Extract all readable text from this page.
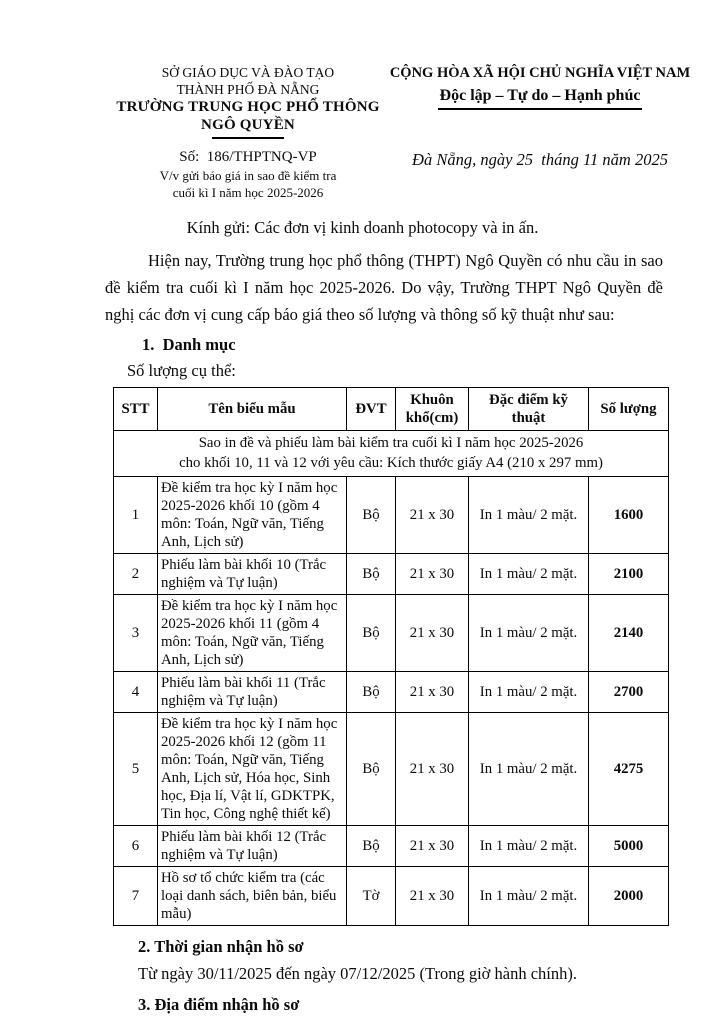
SỞ GIÁO DỤC VÀ ĐÀO TẠO
THÀNH PHỐ ĐÀ NẴNG
TRƯỜNG TRUNG HỌC PHỔ THÔNG
NGÔ QUYỀN
Số:  186/THPTNQ-VP
V/v gửi báo giá in sao đề kiểm tra
cuối kì I năm học 2025-2026
CỘNG HÒA XÃ HỘI CHỦ NGHĨA VIỆT NAM
Độc lập – Tự do – Hạnh phúc
Đà Nẵng, ngày 25  tháng 11 năm 2025
Kính gửi: Các đơn vị kinh doanh photocopy và in ấn.

Hiện nay, Trường trung học phổ thông (THPT) Ngô Quyền có nhu cầu in sao đề kiểm tra cuối kì I năm học 2025-2026. Do vậy, Trường THPT Ngô Quyền đề nghị các đơn vị cung cấp báo giá theo số lượng và thông số kỹ thuật như sau:

1.  Danh mục
Số lượng cụ thể:
STT	Tên biểu mẫu	ĐVT	Khuôn khổ(cm)	Đặc điểm kỹ thuật	Số lượng

Sao in đề và phiếu làm bài kiểm tra cuối kì I năm học 2025-2026
cho khối 10, 11 và 12 với yêu cầu: Kích thước giấy A4 (210 x 297 mm)					

1	Đề kiểm tra học kỳ I năm học 2025-2026 khối 10 (gồm 4 môn: Toán, Ngữ văn, Tiếng Anh, Lịch sử)	Bộ	21 x 30	In 1 màu/ 2 mặt.	1600
2	Phiếu làm bài khối 10 (Trắc nghiệm và Tự luận)	Bộ	21 x 30	In 1 màu/ 2 mặt.	2100
3	Đề kiểm tra học kỳ I năm học 2025-2026 khối 11 (gồm 4 môn: Toán, Ngữ văn, Tiếng Anh, Lịch sử)	Bộ	21 x 30	In 1 màu/ 2 mặt.	2140
4	Phiếu làm bài khối 11 (Trắc nghiệm và Tự luận)	Bộ	21 x 30	In 1 màu/ 2 mặt.	2700
5	Đề kiểm tra học kỳ I năm học 2025-2026 khối 12 (gồm 11 môn: Toán, Ngữ văn, Tiếng Anh, Lịch sử, Hóa học, Sinh học, Địa lí, Vật lí, GDKTPK, Tin học, Công nghệ thiết kế)	Bộ	21 x 30	In 1 màu/ 2 mặt.	4275
6	Phiếu làm bài khối 12 (Trắc nghiệm và Tự luận)	Bộ	21 x 30	In 1 màu/ 2 mặt.	5000
7	Hồ sơ tổ chức kiểm tra (các loại danh sách, biên bản, biểu mẫu)	Tờ	21 x 30	In 1 màu/ 2 mặt.	2000
2. Thời gian nhận hồ sơ
Từ ngày 30/11/2025 đến ngày 07/12/2025 (Trong giờ hành chính).
3. Địa điểm nhận hồ sơ
